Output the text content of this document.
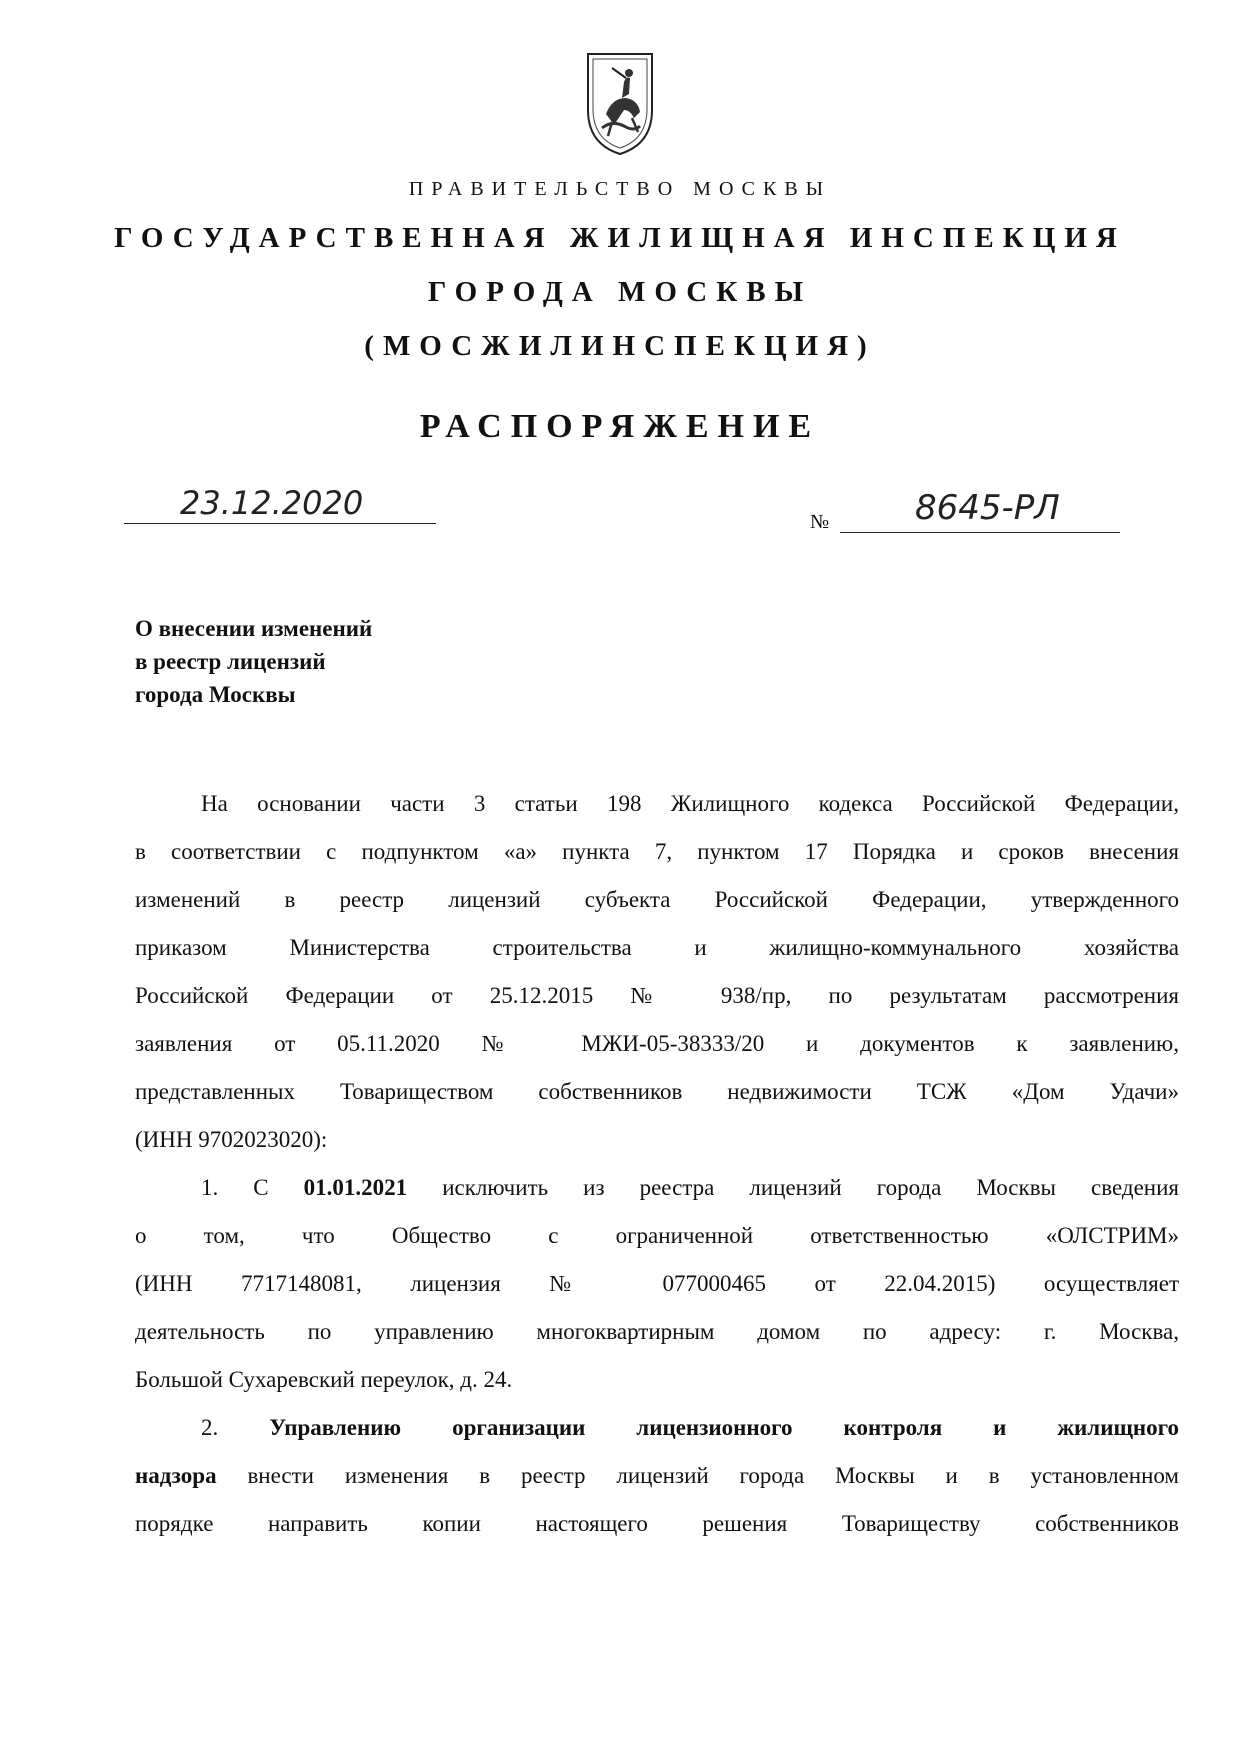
ПРАВИТЕЛЬСТВО МОСКВЫ
ГОСУДАРСТВЕННАЯ ЖИЛИЩНАЯ ИНСПЕКЦИЯ
ГОРОДА МОСКВЫ
(МОСЖИЛИНСПЕКЦИЯ)
РАСПОРЯЖЕНИЕ
23.12.2020	№	8645-РЛ
О внесении изменений
в реестр лицензий
города Москвы
На основании части 3 статьи 198 Жилищного кодекса Российской Федерации,
в соответствии с подпунктом «а» пункта 7, пунктом 17 Порядка и сроков внесения
изменений в реестр лицензий субъекта Российской Федерации, утвержденного
приказом Министерства строительства и жилищно-коммунального хозяйства
Российской Федерации от 25.12.2015 № 938/пр, по результатам рассмотрения
заявления от 05.11.2020 № МЖИ-05-38333/20 и документов к заявлению,
представленных Товариществом собственников недвижимости ТСЖ «Дом Удачи»
(ИНН 9702023020):
1. С 01.01.2021 исключить из реестра лицензий города Москвы сведения
о том, что Общество с ограниченной ответственностью «ОЛСТРИМ»
(ИНН 7717148081, лицензия № 077000465 от 22.04.2015) осуществляет
деятельность по управлению многоквартирным домом по адресу: г. Москва,
Большой Сухаревский переулок, д. 24.
2. Управлению организации лицензионного контроля и жилищного
надзора внести изменения в реестр лицензий города Москвы и в установленном
порядке направить копии настоящего решения Товариществу собственников
